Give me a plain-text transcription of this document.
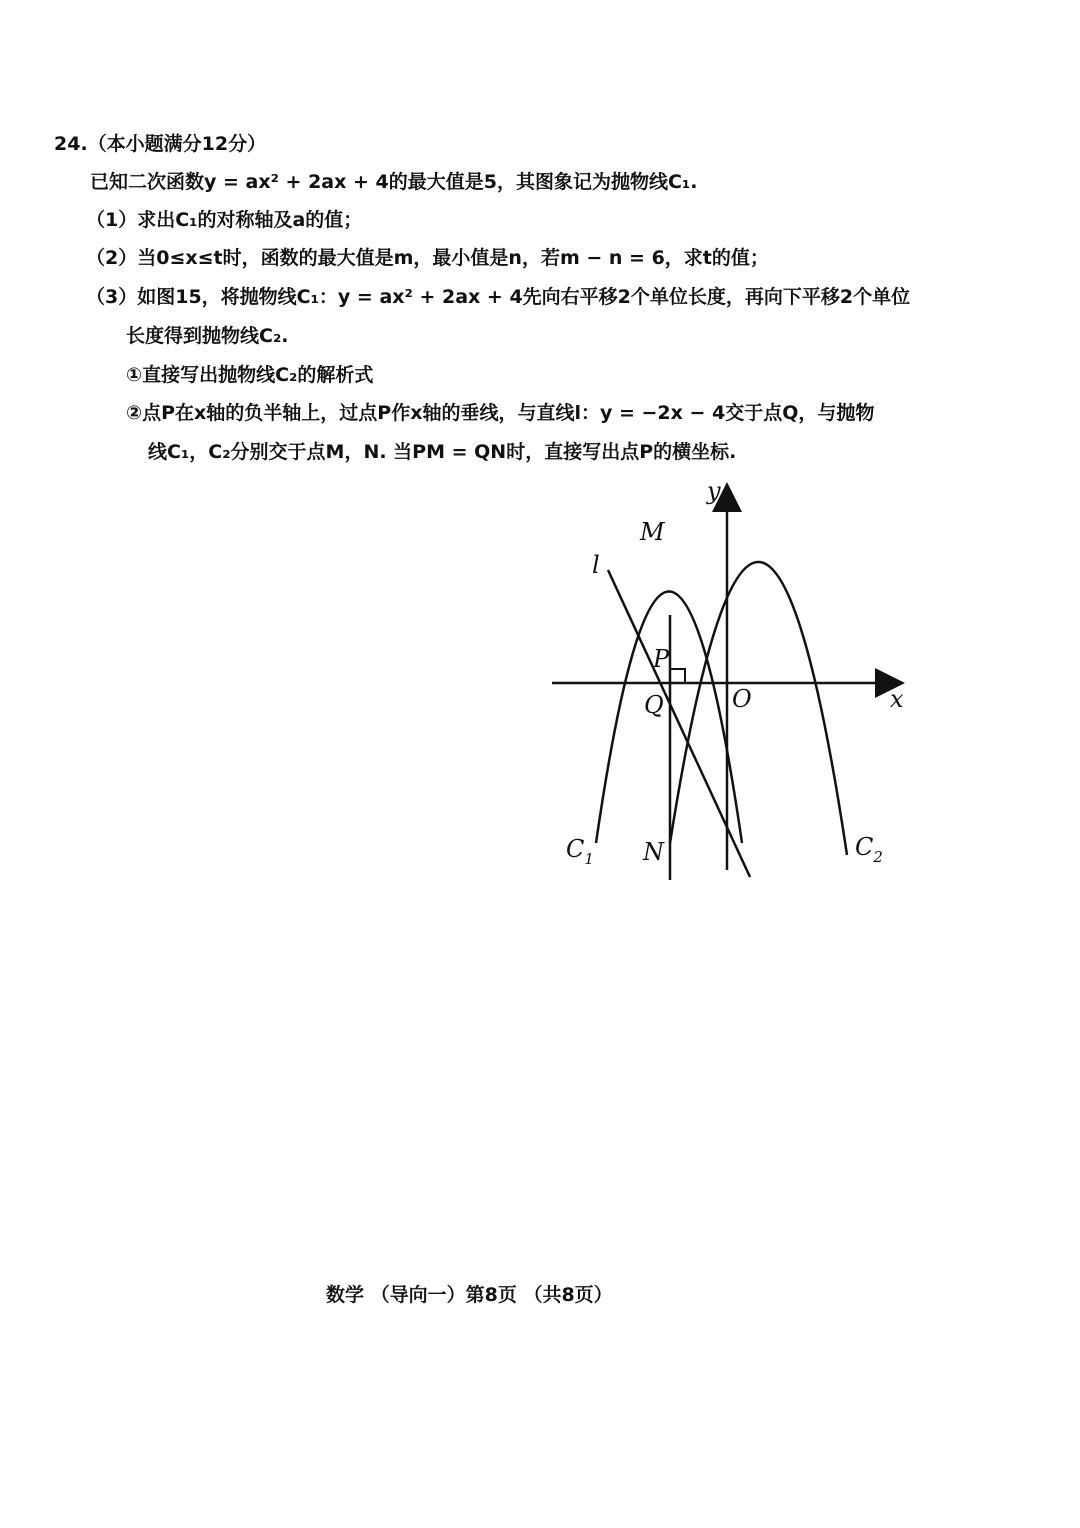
24.（本小题满分12分）
已知二次函数y = ax² + 2ax + 4的最大值是5，其图象记为抛物线C₁.
（1）求出C₁的对称轴及a的值；
（2）当0≤x≤t时，函数的最大值是m，最小值是n，若m − n = 6，求t的值；
（3）如图15，将抛物线C₁：y = ax² + 2ax + 4先向右平移2个单位长度，再向下平移2个单位
长度得到抛物线C₂.
①直接写出抛物线C₂的解析式
②点P在x轴的负半轴上，过点P作x轴的垂线，与直线l：y = −2x − 4交于点Q，与抛物
线C₁，C₂分别交于点M，N. 当PM = QN时，直接写出点P的横坐标.
y
x
M
l
P
Q	O
N
$C_1$	$C_2$
数学 （导向一）第8页 （共8页）
